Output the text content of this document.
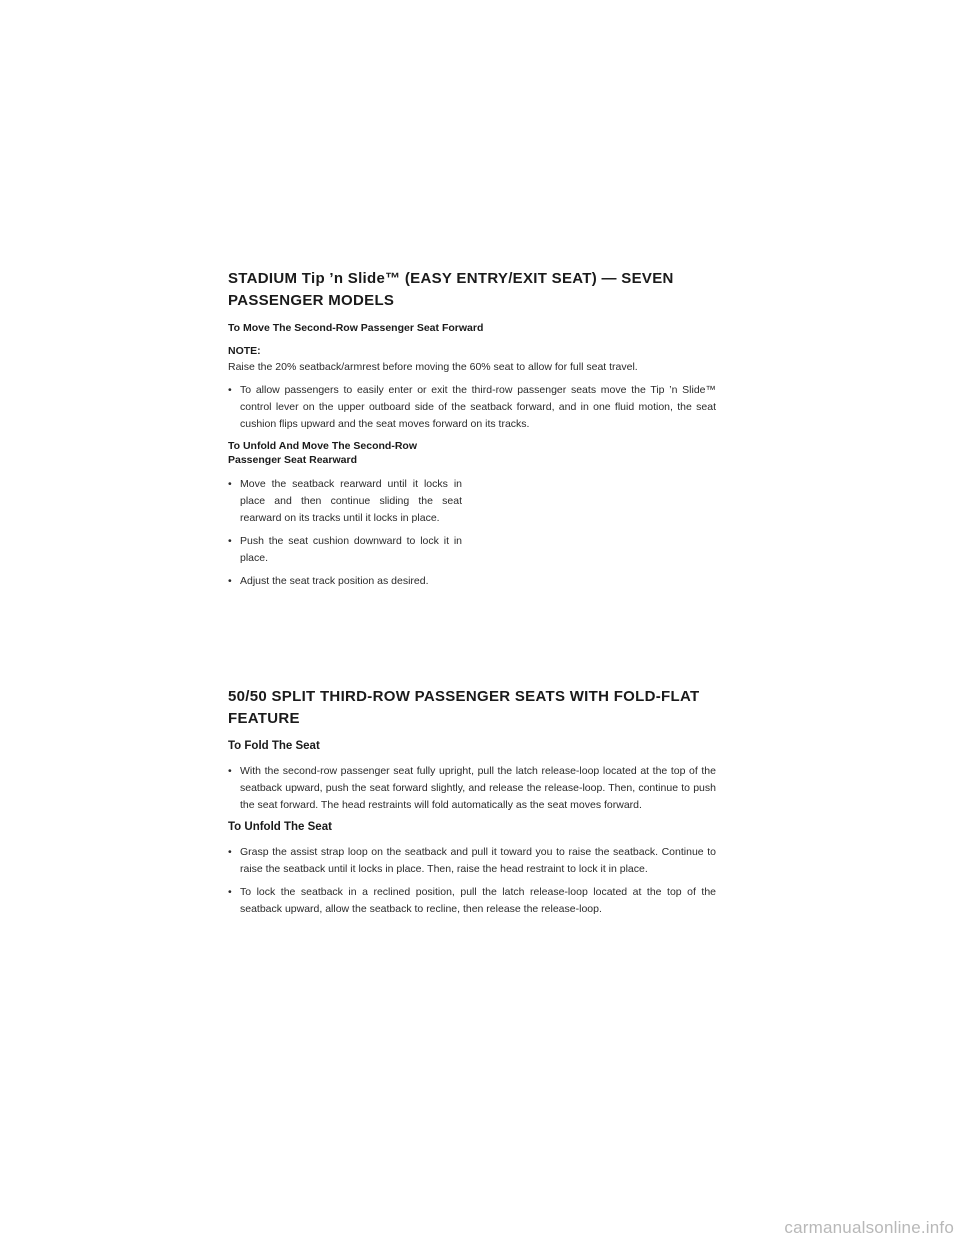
STADIUM Tip ’n Slide™ (EASY ENTRY/EXIT SEAT) — SEVEN PASSENGER MODELS
To Move The Second-Row Passenger Seat Forward
NOTE:

Raise the 20% seatback/armrest before moving the 60% seat to allow for full seat travel.

• To allow passengers to easily enter or exit the third-row passenger seats move the Tip ’n Slide™ control lever on the upper outboard side of the seatback forward, and in one fluid motion, the seat cushion flips upward and the seat moves forward on its tracks.
To Unfold And Move The Second-Row Passenger Seat Rearward
• Move the seatback rearward until it locks in place and then continue sliding the seat rearward on its tracks until it locks in place.
• Push the seat cushion downward to lock it in place.
• Adjust the seat track position as desired.
50/50 SPLIT THIRD-ROW PASSENGER SEATS WITH FOLD-FLAT FEATURE
To Fold The Seat
• With the second-row passenger seat fully upright, pull the latch release-loop located at the top of the seatback upward, push the seat forward slightly, and release the release-loop. Then, continue to push the seat forward. The head restraints will fold automatically as the seat moves forward.
To Unfold The Seat
• Grasp the assist strap loop on the seatback and pull it toward you to raise the seatback. Continue to raise the seatback until it locks in place. Then, raise the head restraint to lock it in place.
• To lock the seatback in a reclined position, pull the latch release-loop located at the top of the seatback upward, allow the seatback to recline, then release the release-loop.
carmanualsonline.info
